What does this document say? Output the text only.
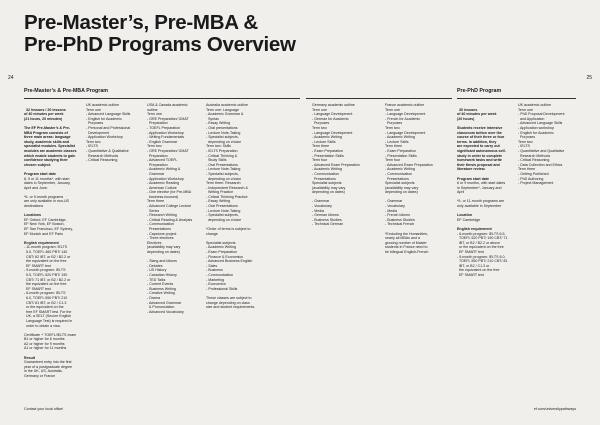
Pre-Master’s, Pre-MBA &
Pre-PhD Programs Overview
24	25
Pre-Master’s & Pre-MBA Program	Pre-PhD Program

32 lessons / 20 lessons
of 40 minutes per week
(21 hours, 20 minutes)

The EF Pre-Master’s & Pre-
MBA Program consists of
three main areas: language
study, academic skills and
specialist modules. Specialist
modules are academic classes
which enable students to gain
confidence studying their
chosen subject.

Program start date
6, 9 or 11 months*, with start
dates in September, January,
April and June.

*6- or 9-month programs
are only available in non-US
destinations

Locations
EF Oxford, EF Cambridge,
EF New York, EF Boston,
EF San Francisco, EF Sydney,
EF Munich and EF Paris

English requirement
- 11-month program: IELTS
5.0, TOEFL 460 PBT/ 140
CBT/ 62 iBT, or B2 / B2.2 or
the equivalent on the free
EF SMART test
- 9-month program: IELTS
5.5, TOEFL 520 PBT/ 190
CBT/ 71 iBT, or B2 / B2.2 or
the equivalent on the free
EF SMART test
- 6-month program: IELTS
6.0, TOEFL 550 PBT/ 210
CBT/ 81 iBT, or B2 / C1.3
or the equivalent on the
free EF SMART test. For the
UK, a SELT (Secure English
Language Test) is required in
order to obtain a visa.

Certificate + TOEFL/IELTS exam
B1 or higher for 6 months
A2 or higher for 9 months
A1 or higher for 11 months

Result
Guaranteed entry into the first
year of a postgraduate degree
in the UK, US, Australia,
Germany or France

UK academic outline
Term one
- Advanced Language Skills
- English for Academic
Purposes
- Personal and Professional
Development
- Application Workshop
Term two
- IELTS
- Quantitative & Qualitative
Research Methods
- Critical Reasoning
USA & Canada academic
outline
Term one
- GRE Preparation/ GMAT
Preparation
- TOEFL Preparation
- Application Workshop
- Writing Fundamentals
- English Grammar
Term two
- GRE Preparation/ GMAT
Preparation
- Advanced TOEFL
Preparation
- Academic Writing &
Grammar
- Application Workshop
- Academic Reading
- American Culture
- One elective (for Pre-MBA
business-focused)
Term three
- Advanced College Lecture
Series
- Research Writing
- Critical Reading & Analysis
- Communication
Presentations
- Capstone project
- Three electives
Electives
(availability may vary
depending on dates)

- Slang and Idioms
- Debates
- US History
- Canadian History
- TED Talks
- Current Events
- Business Writing
- Creative Writing
- Drama
- Advanced Grammar
& Pronunciation
- Advanced Vocabulary
Australia academic outline
Term one: Language
- Academic Grammar &
Syntax
- Essay Writing
- Oral presentations
- Lecture Note-Taking
- Specialist subjects,
depending on choice
Term two: Skills
- IELTS Preparation
- Critical Thinking &
Study Skills
- Oral Presentations
- Lecture Note-Taking
- Specialist subjects,
depending on choice
Term three: Research
- Independent Research &
Writing Practice
- Critical Thinking Practice
- Essay Writing
- Oral Presentations
- Lecture Note-Taking
- Specialist subjects,
depending on choice

*Order of terms is subject to
change

Specialist subjects
- Academic Writing
- Exam Preparation
- Finance & Economics
- Advanced Business English
- Sales
- Business
- Communication
- Marketing
- Economics
- Professional Skills

These classes are subject to
change depending on class
size and student requirements.
Germany academic outline
Term one
- Language Development
- German for Academic
Purposes
Term two
- Language Development
- Academic Writing
- Lecture Skills
Term three
- Exam Preparation
- Presentation Skills
Term four
- Advanced Exam Preparation
- Academic Writing
- Communication
Presentations
Specialist subjects
(availability may vary
depending on dates)

- Grammar
- Vocabulary
- Media
- German Idioms
- Business Studies
- Technical German
France academic outline
Term one
- Language Development
- French for Academic
Purposes
Term two
- Language Development
- Academic Writing
- Lecture Skills
Term three
- Exam Preparation
- Presentation Skills
Term four
- Advanced Exam Preparation
- Academic Writing
- Communication
Presentations
Specialist subjects
(availability may vary
depending on dates)

- Grammar
- Vocabulary
- Media
- French Idioms
- Business Studies
- Technical French

*Excluding the Humanities,
nearly all MBAs and a
growing number of Master
students in France need to
be bilingual English-French

30 lessons
of 40 minutes per week
(20 hours)

Students receive intensive
classroom tuition over the
course of their three or four
terms. In addition, they
are expected to carry out
significant autonomous self-
study in order to complete
homework tasks and write
their thesis proposal and
literature review.

Program start date
6 or 9 months, with start dates
in September*, January and
April

*9- or 11-month programs are
only available in September

Location
EF Cambridge

English requirement
- 6-month program: IELTS 6.5,
TOEFL 520 PBT/ 190 CBT/ 71
iBT, or B2 / B2.2 or above
or the equivalent on the free
EF SMART test
- 9-month program: IELTS 6.0,
TOEFL 550 PBT/ 210 CBT/ 81
iBT, or B2 / C1.3 or
the equivalent on the free
EF SMART test

UK academic outline
Term one
- PhD Proposal Development
and Application
- Advanced Language Skills
- Application workshop
- English for Academic
Purposes
Term two
- IELTS
- Quantitative and Qualitative
Research Methods
- Critical Reasoning
- Data Collection and Ethics
Term three
- Getting Published
- PhD Authoring
- Project Management
Contact your local office!	ef.com/universitypathways
